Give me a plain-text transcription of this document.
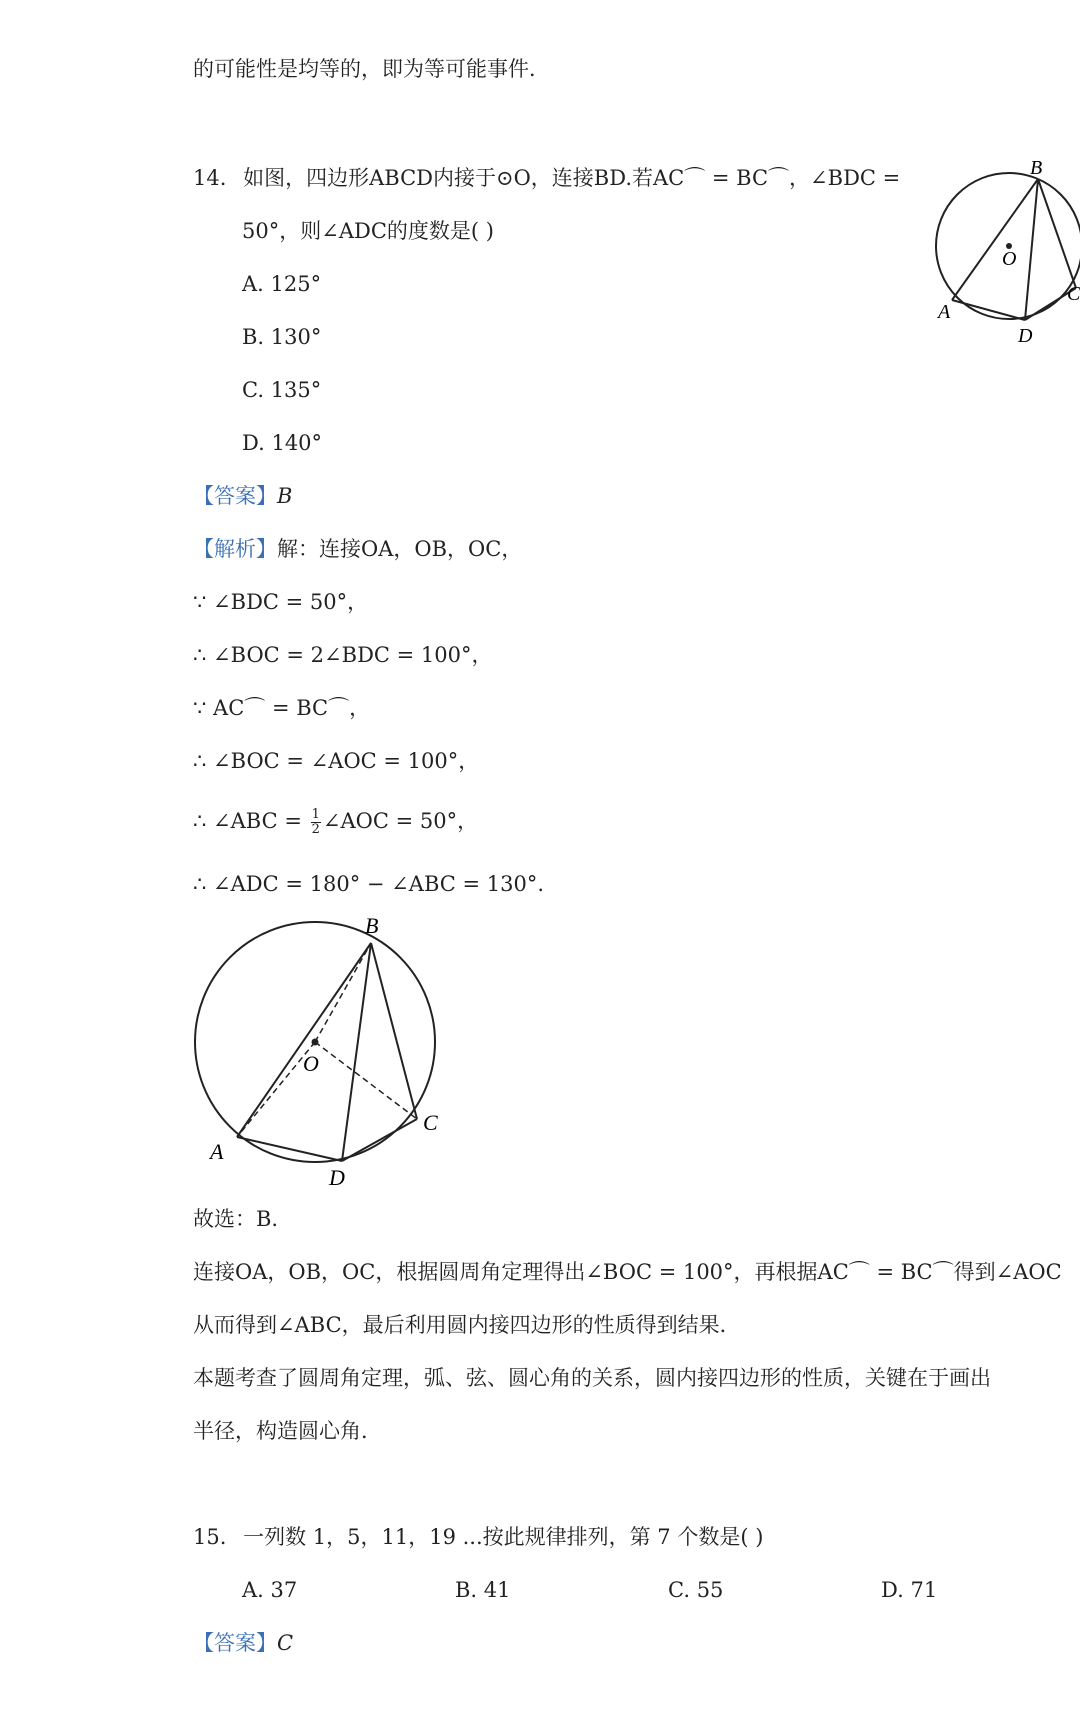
的可能性是均等的，即为等可能事件．
14. 如图，四边形ABCD内接于⊙O，连接BD.若AC⌒ = BC⌒，∠BDC =
50°，则∠ADC的度数是( )
A. 125°
B. 130°
C. 135°
D. 140°
B
O
A
D
C
【答案】B
【解析】解：连接OA，OB，OC，
∵ ∠BDC = 50°，
∴ ∠BOC = 2∠BDC = 100°，
∵ AC⌒ = BC⌒，
∴ ∠BOC = ∠AOC = 100°，
∴ ∠ABC = $\frac{1}{2}$ ∠AOC = 50°，
∴ ∠ADC = 180° − ∠ABC = 130°.
B
O
A
D
C
故选：B.
连接OA，OB，OC，根据圆周角定理得出∠BOC = 100°，再根据AC⌒ = BC⌒得到∠AOC
从而得到∠ABC，最后利用圆内接四边形的性质得到结果．
本题考查了圆周角定理，弧、弦、圆心角的关系，圆内接四边形的性质，关键在于画出
半径，构造圆心角．
15. 一列数 1，5，11，19 ...按此规律排列，第 7 个数是( )
A. 37	B. 41	C. 55	D. 71
【答案】C
